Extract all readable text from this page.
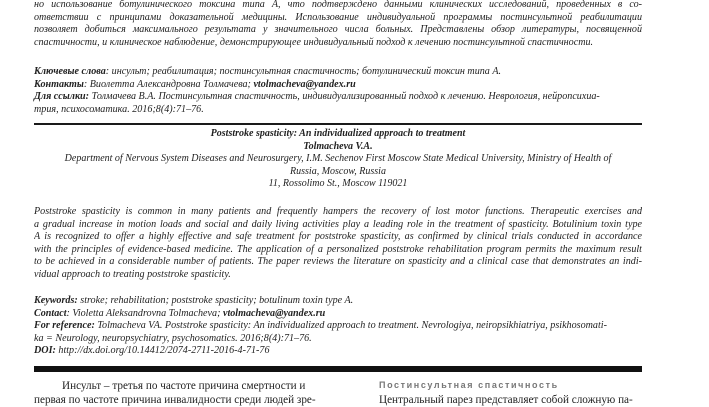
но использование ботулинического токсина типа А, что подтверждено данными клинических исследований, проведенных в со-
ответствии с принципами доказательной медицины. Использование индивидуальной программы постинсультной реабилитации
позволяет добиться максимального результата у значительного числа больных. Представлены обзор литературы, посвященной
спастичности, и клиническое наблюдение, демонстрирующее индивидуальный подход к лечению постинсультной спастичности.
Ключевые слова: инсульт; реабилитация; постинсультная спастичность; ботулинический токсин типа А.
Контакты: Виолетта Александровна Толмачева; vtolmacheva@yandex.ru
Для ссылки: Толмачева В.А. Постинсультная спастичность, индивидуализированный подход к лечению. Неврология, нейропсихиа-
трия, психосоматика. 2016;8(4):71–76.
Poststroke spasticity: An individualized approach to treatment
Tolmacheva V.A.
Department of Nervous System Diseases and Neurosurgery, I.M. Sechenov First Moscow State Medical University, Ministry of Health of
Russia, Moscow, Russia
11, Rossolimo St., Moscow 119021
Poststroke spasticity is common in many patients and frequently hampers the recovery of lost motor functions. Therapeutic exercises and
a gradual increase in motion loads and social and daily living activities play a leading role in the treatment of spasticity. Botulinium toxin type
A is recognized to offer a highly effective and safe treatment for poststroke spasticity, as confirmed by clinical trials conducted in accordance
with the principles of evidence-based medicine. The application of a personalized poststroke rehabilitation program permits the maximum result
to be achieved in a considerable number of patients. The paper reviews the literature on spasticity and a clinical case that demonstrates an indi-
vidual approach to treating poststroke spasticity.
Keywords: stroke; rehabilitation; poststroke spasticity; botulinum toxin type A.
Contact: Violetta Aleksandrovna Tolmacheva; vtolmacheva@yandex.ru
For reference: Tolmacheva VA. Poststroke spasticity: An individualized approach to treatment. Nevrologiya, neiropsikhiatriya, psikhosomati-
ka = Neurology, neuropsychiatry, psychosomatics. 2016;8(4):71–76.
DOI: http://dx.doi.org/10.14412/2074-2711-2016-4-71-76
Инсульт – третья по частоте причина смертности и
первая по частоте причина инвалидности среди людей зре-
Постинсультная спастичность
Центральный парез представляет собой сложную па-
